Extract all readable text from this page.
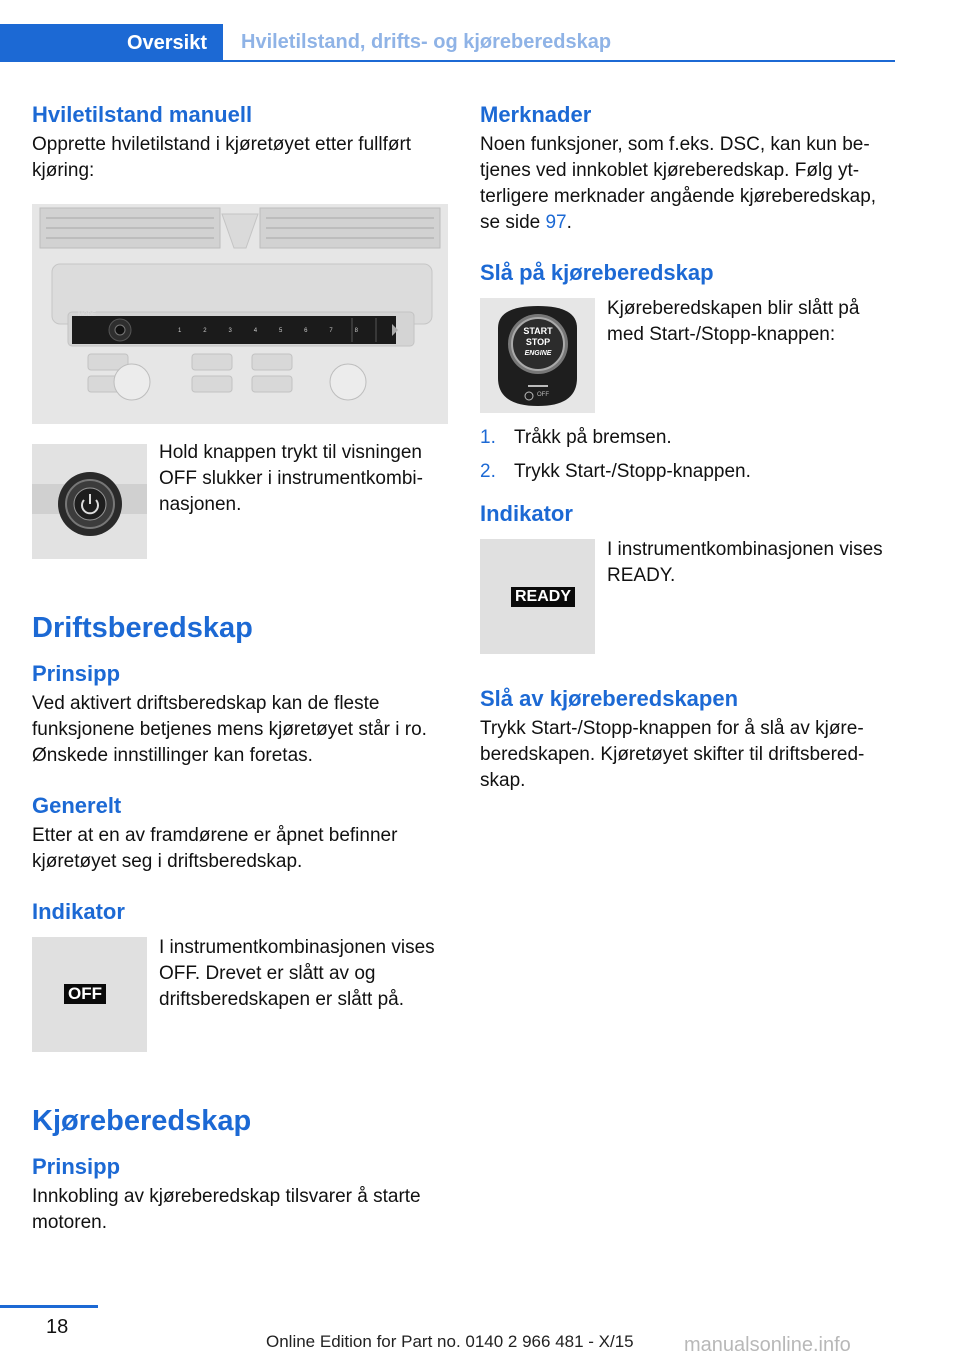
Oversikt	Hviletilstand, drifts- og kjøreberedskap
Hviletilstand manuell

Opprette hviletilstand i kjøretøyet etter fullført kjøring:

MODE
1	2	3	4	5	6	7	8

Hold knappen trykt til visningen OFF slukker i instrumentkombinasjonen.

Driftsberedskap
Prinsipp

Ved aktivert driftsberedskap kan de fleste funksjonene betjenes mens kjøretøyet står i ro. Ønskede innstillinger kan foretas.

Generelt

Etter at en av framdørene er åpnet befinner kjøretøyet seg i driftsberedskap.

Indikator
OFF

I instrumentkombinasjonen vises OFF. Drevet er slått av og driftsberedskapen er slått på.

Kjøreberedskap
Prinsipp

Innkobling av kjøreberedskap tilsvarer å starte motoren.

Merknader

Noen funksjoner, som f.eks. DSC, kan kun betjenes ved innkoblet kjøreberedskap. Følg ytterligere merknader angående kjøreberedskap, se side 97.

Slå på kjøreberedskap
START
STOP
ENGINE
OFF

Kjøreberedskapen blir slått på med Start-/Stopp-knappen:

1. Tråkk på bremsen.
2. Trykk Start-/Stopp-knappen.
Indikator
READY

I instrumentkombinasjonen vises READY.

Slå av kjøreberedskapen

Trykk Start-/Stopp-knappen for å slå av kjøreberedskapen. Kjøretøyet skifter til driftsberedskap.

18
Online Edition for Part no. 0140 2 966 481 - X/15	manualsonline.info
